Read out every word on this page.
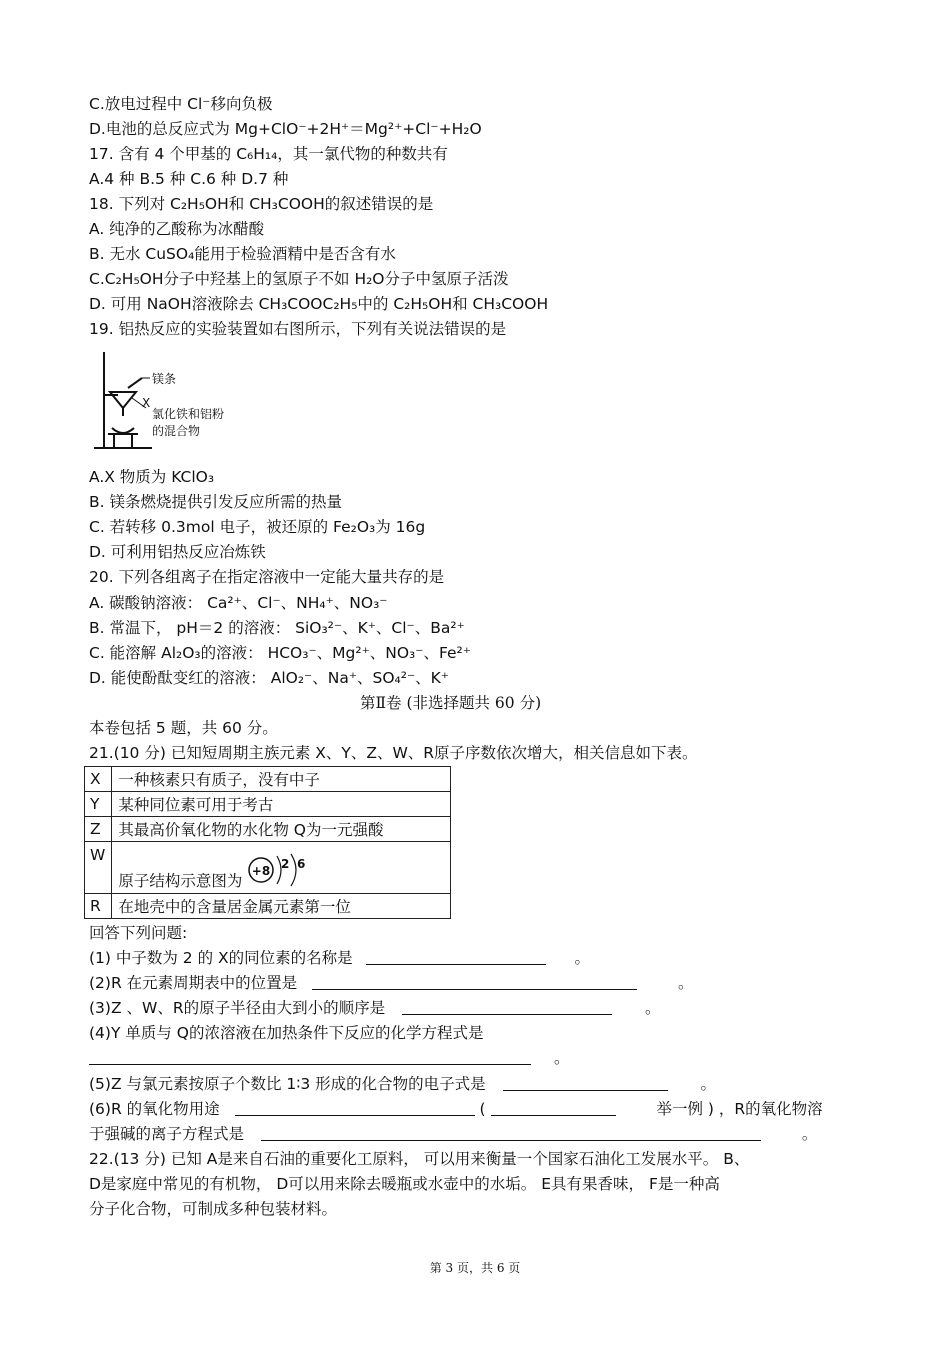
C.放电过程中 Cl⁻移向负极
D.电池的总反应式为 Mg+ClO⁻+2H⁺＝Mg²⁺+Cl⁻+H₂O
17. 含有 4 个甲基的 C₆H₁₄，其一氯代物的种数共有
A.4 种 B.5 种 C.6 种 D.7 种
18. 下列对 C₂H₅OH和 CH₃COOH的叙述错误的是
A. 纯净的乙酸称为冰醋酸
B. 无水 CuSO₄能用于检验酒精中是否含有水
C.C₂H₅OH分子中羟基上的氢原子不如 H₂O分子中氢原子活泼
D. 可用 NaOH溶液除去 CH₃COOC₂H₅中的 C₂H₅OH和 CH₃COOH
19. 铝热反应的实验装置如右图所示，下列有关说法错误的是
镁条
X
氯化铁和铝粉
的混合物
A.X 物质为 KClO₃
B. 镁条燃烧提供引发反应所需的热量
C. 若转移 0.3mol 电子，被还原的 Fe₂O₃为 16g
D. 可利用铝热反应冶炼铁
20. 下列各组离子在指定溶液中一定能大量共存的是
A. 碳酸钠溶液： Ca²⁺、Cl⁻、NH₄⁺、NO₃⁻
B. 常温下， pH＝2 的溶液： SiO₃²⁻、K⁺、Cl⁻、Ba²⁺
C. 能溶解 Al₂O₃的溶液： HCO₃⁻、Mg²⁺、NO₃⁻、Fe²⁺
D. 能使酚酞变红的溶液： AlO₂⁻、Na⁺、SO₄²⁻、K⁺
第Ⅱ卷 (非选择题共 60 分)
本卷包括 5 题，共 60 分。
21.(10 分) 已知短周期主族元素 X、Y、Z、W、R原子序数依次增大，相关信息如下表。
X	一种核素只有质子，没有中子
Y	某种同位素可用于考古
Z	其最高价氧化物的水化物 Q为一元强酸
W	原子结构示意图为
+8 2 6

R	在地壳中的含量居金属元素第一位
回答下列问题:
(1) 中子数为 2 的 X的同位素的名称是	。
(2)R 在元素周期表中的位置是	。
(3)Z 、W、R的原子半径由大到小的顺序是	。
(4)Y 单质与 Q的浓溶液在加热条件下反应的化学方程式是
。
(5)Z 与氯元素按原子个数比 1∶3 形成的化合物的电子式是	。
(6)R 的氧化物用途	(	举一例 ) ，R的氧化物溶
于强碱的离子方程式是	。
22.(13 分) 已知 A是来自石油的重要化工原料， 可以用来衡量一个国家石油化工发展水平。 B、
D是家庭中常见的有机物， D可以用来除去暖瓶或水壶中的水垢。 E具有果香味， F是一种高
分子化合物，可制成多种包装材料。
第 3 页，共 6 页
